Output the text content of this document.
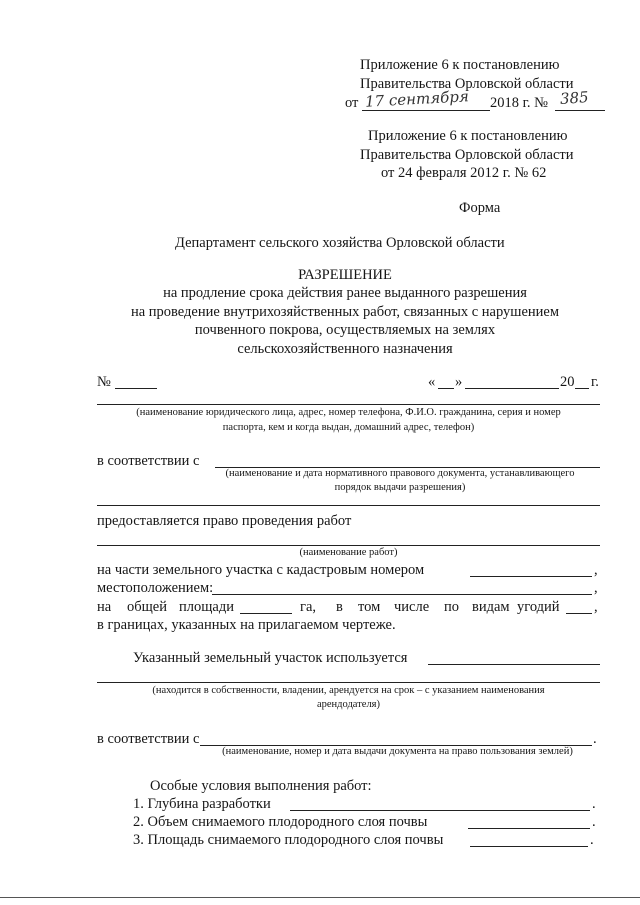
Приложение 6 к постановлению
Правительства Орловской области
от 17 сентября 2018 г. № 385
Приложение 6 к постановлению
Правительства Орловской области
от 24 февраля 2012 г. № 62
Форма
Департамент сельского хозяйства Орловской области
РАЗРЕШЕНИЕ
на продление срока действия ранее выданного разрешения
на проведение внутрихозяйственных работ, связанных с нарушением
почвенного покрова, осуществляемых на землях
сельскохозяйственного назначения
№	« »	20 г.
(наименование юридического лица, адрес, номер телефона, Ф.И.О. гражданина, серия и номер
паспорта, кем и когда выдан, домашний адрес, телефон)
в соответствии с
(наименование и дата нормативного правового документа, устанавливающего
порядок выдачи разрешения)
предоставляется право проведения работ
(наименование работ)
на части земельного участка с кадастровым номером	,
местоположением:	,
на общей площади	га, в том числе по видам угодий ,
в границах, указанных на прилагаемом чертеже.
Указанный земельный участок используется
(находится в собственности, владении, арендуется на срок – с указанием наименования
арендодателя)
в соответствии с	.
(наименование, номер и дата выдачи документа на право пользования землей)
Особые условия выполнения работ:
1. Глубина разработки	.
2. Объем снимаемого плодородного слоя почвы	.
3. Площадь снимаемого плодородного слоя почвы	.
